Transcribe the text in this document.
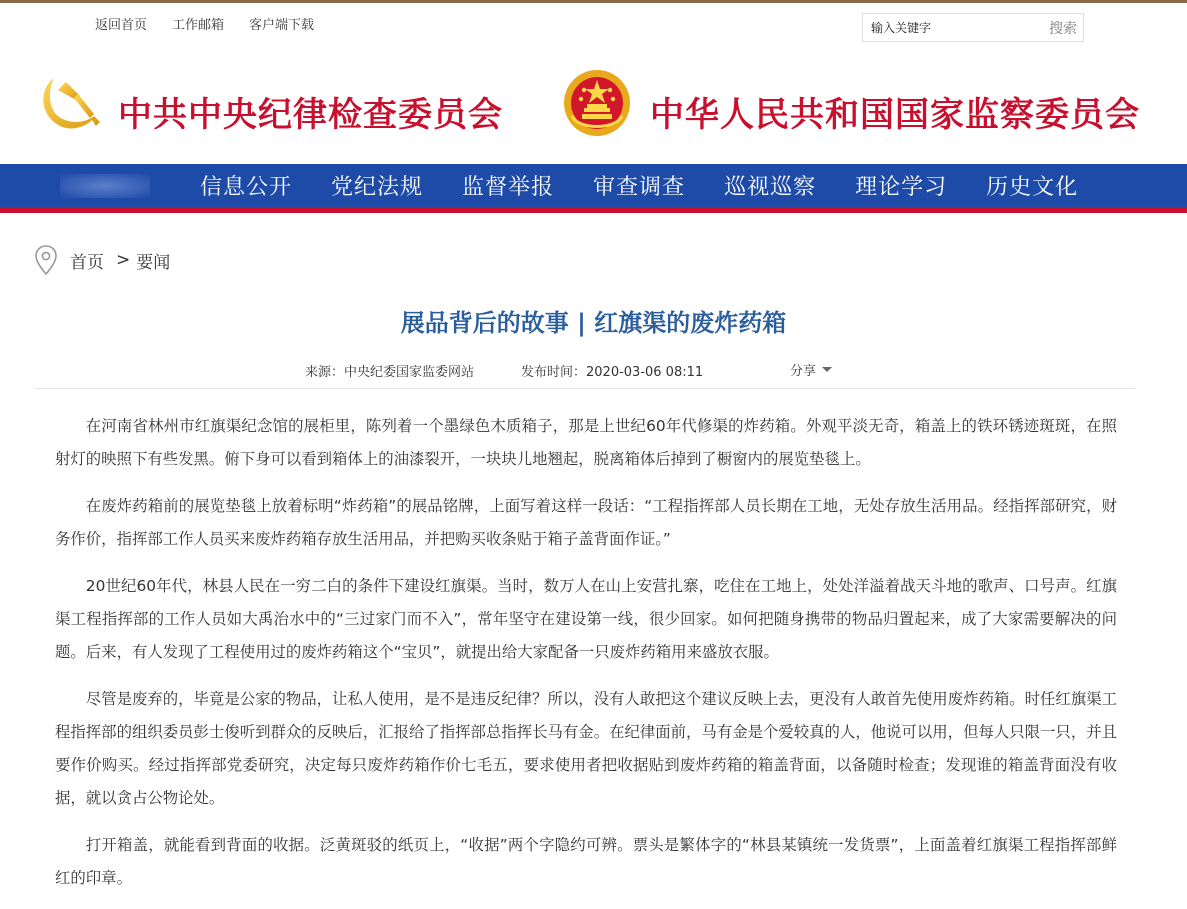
返回首页 工作邮箱 客户端下载
输入关键字	搜索
中共中央纪律检查委员会	中华人民共和国国家监察委员会
信息公开 党纪法规 监督举报 审查调查 巡视巡察 理论学习 历史文化
首页 > 要闻
展品背后的故事 | 红旗渠的废炸药箱
来源：中央纪委国家监委网站	发布时间：2020-03-06 08:11	分享

在河南省林州市红旗渠纪念馆的展柜里，陈列着一个墨绿色木质箱子，那是上世纪60年代修渠的炸药箱。外观平淡无奇，箱盖上的铁环锈迹斑斑，在照射灯的映照下有些发黑。俯下身可以看到箱体上的油漆裂开，一块块儿地翘起，脱离箱体后掉到了橱窗内的展览垫毯上。

在废炸药箱前的展览垫毯上放着标明“炸药箱”的展品铭牌，上面写着这样一段话：“工程指挥部人员长期在工地，无处存放生活用品。经指挥部研究，财务作价，指挥部工作人员买来废炸药箱存放生活用品，并把购买收条贴于箱子盖背面作证。”

20世纪60年代，林县人民在一穷二白的条件下建设红旗渠。当时，数万人在山上安营扎寨，吃住在工地上，处处洋溢着战天斗地的歌声、口号声。红旗渠工程指挥部的工作人员如大禹治水中的“三过家门而不入”，常年坚守在建设第一线，很少回家。如何把随身携带的物品归置起来，成了大家需要解决的问题。后来，有人发现了工程使用过的废炸药箱这个“宝贝”，就提出给大家配备一只废炸药箱用来盛放衣服。

尽管是废弃的，毕竟是公家的物品，让私人使用，是不是违反纪律？所以，没有人敢把这个建议反映上去，更没有人敢首先使用废炸药箱。时任红旗渠工程指挥部的组织委员彭士俊听到群众的反映后，汇报给了指挥部总指挥长马有金。在纪律面前，马有金是个爱较真的人，他说可以用，但每人只限一只，并且要作价购买。经过指挥部党委研究，决定每只废炸药箱作价七毛五，要求使用者把收据贴到废炸药箱的箱盖背面，以备随时检查；发现谁的箱盖背面没有收据，就以贪占公物论处。

打开箱盖，就能看到背面的收据。泛黄斑驳的纸页上，“收据”两个字隐约可辨。票头是繁体字的“林县某镇统一发货票”，上面盖着红旗渠工程指挥部鲜红的印章。
